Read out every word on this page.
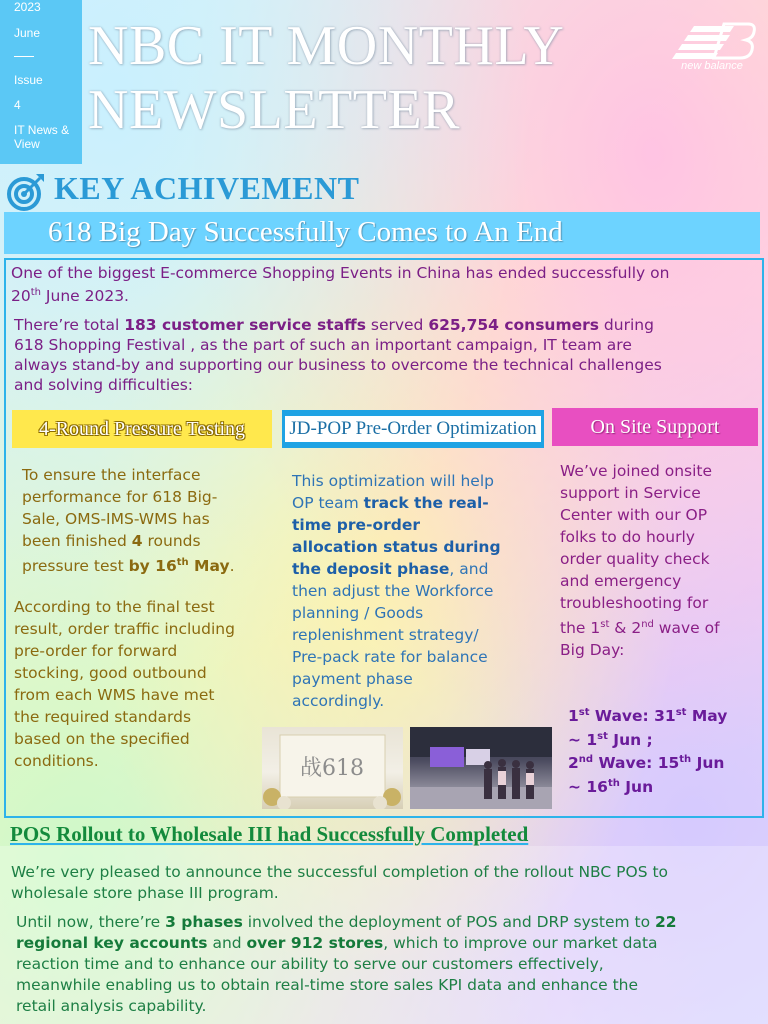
2023
June
Issue
4
IT News &
View
NBC IT MONTHLY
NEWSLETTER
new balance
KEY ACHIVEMENT
618 Big Day Successfully Comes to An End
One of the biggest E-commerce Shopping Events in China has ended successfully on
20th June 2023.
There’re total 183 customer service staffs served 625,754 consumers during
618 Shopping Festival , as the part of such an important campaign, IT team are
always stand-by and supporting our business to overcome the technical challenges
and solving difficulties:
4-Round Pressure Testing	JD-POP Pre-Order Optimization	On Site Support
To ensure the interface
performance for 618 Big-
Sale, OMS-IMS-WMS has
been finished 4 rounds
pressure test by 16th May.
According to the final test
result, order traffic including
pre-order for forward
stocking, good outbound
from each WMS have met
the required standards
based on the specified
conditions.
This optimization will help
OP team track the real-
time pre-order
allocation status during
the deposit phase, and
then adjust the Workforce
planning / Goods
replenishment strategy/
Pre-pack rate for balance
payment phase
accordingly.
We’ve joined onsite
support in Service
Center with our OP
folks to do hourly
order quality check
and emergency
troubleshooting for
the 1st & 2nd wave of
Big Day:
1st Wave: 31st May
~ 1st Jun ;
2nd Wave: 15th Jun
~ 16th Jun
战618
POS Rollout to Wholesale III had Successfully Completed
We’re very pleased to announce the successful completion of the rollout NBC POS to
wholesale store phase III program.
Until now, there’re 3 phases involved the deployment of POS and DRP system to 22
regional key accounts and over 912 stores, which to improve our market data
reaction time and to enhance our ability to serve our customers effectively,
meanwhile enabling us to obtain real-time store sales KPI data and enhance the
retail analysis capability.
